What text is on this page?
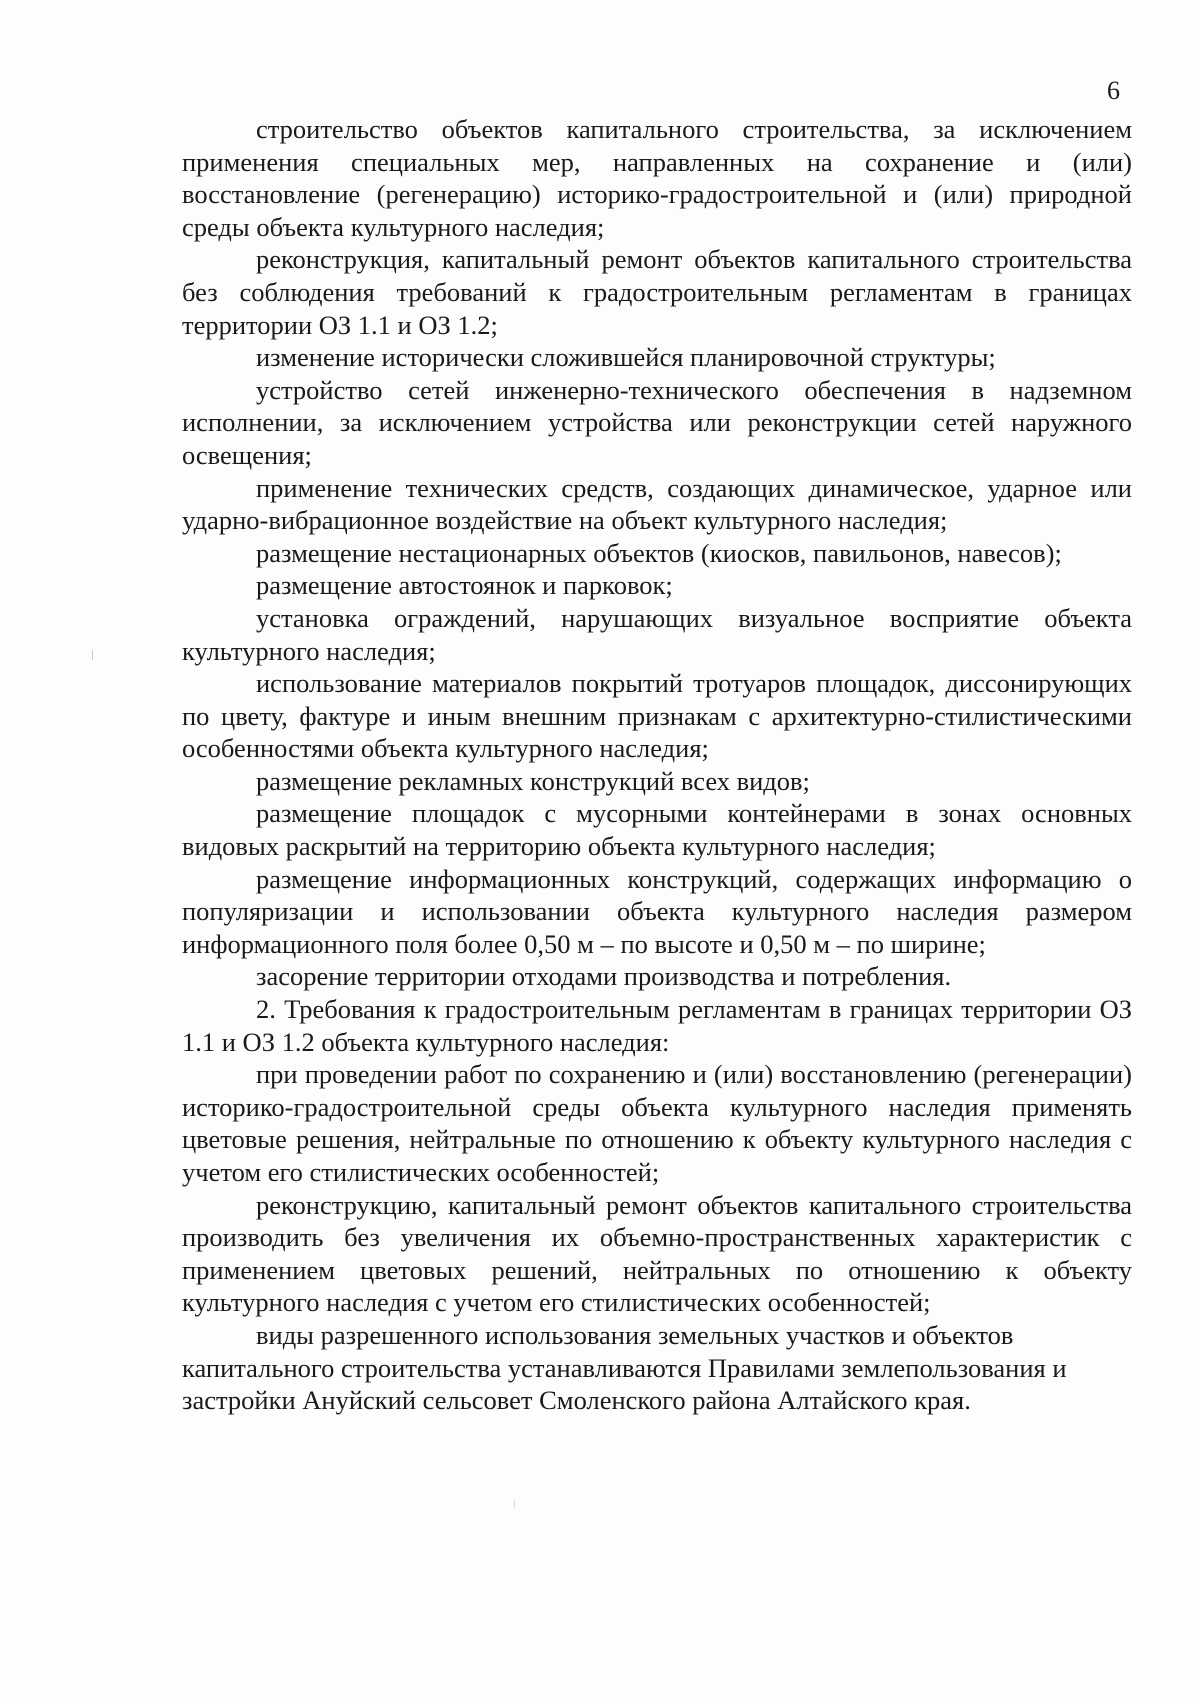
6

строительство объектов капитального строительства, за исключением применения специальных мер, направленных на сохранение и (или) восстановление (регенерацию) историко-градостроительной и (или) природной среды объекта культурного наследия;

реконструкция, капитальный ремонт объектов капитального строительства без соблюдения требований к градостроительным регламентам в границах территории ОЗ 1.1 и ОЗ 1.2;

изменение исторически сложившейся планировочной структуры;

устройство сетей инженерно-технического обеспечения в надземном исполнении, за исключением устройства или реконструкции сетей наружного освещения;

применение технических средств, создающих динамическое, ударное или ударно-вибрационное воздействие на объект культурного наследия;

размещение нестационарных объектов (киосков, павильонов, навесов);

размещение автостоянок и парковок;

установка ограждений, нарушающих визуальное восприятие объекта культурного наследия;

использование материалов покрытий тротуаров площадок, диссонирующих по цвету, фактуре и иным внешним признакам с архитектурно-стилистическими особенностями объекта культурного наследия;

размещение рекламных конструкций всех видов;

размещение площадок с мусорными контейнерами в зонах основных видовых раскрытий на территорию объекта культурного наследия;

размещение информационных конструкций, содержащих информацию о популяризации и использовании объекта культурного наследия размером информационного поля более 0,50 м – по высоте и 0,50 м – по ширине;

засорение территории отходами производства и потребления.

2. Требования к градостроительным регламентам в границах территории ОЗ 1.1 и ОЗ 1.2 объекта культурного наследия:

при проведении работ по сохранению и (или) восстановлению (регенерации) историко-градостроительной среды объекта культурного наследия применять цветовые решения, нейтральные по отношению к объекту культурного наследия с учетом его стилистических особенностей;

реконструкцию, капитальный ремонт объектов капитального строительства производить без увеличения их объемно-пространственных характеристик с применением цветовых решений, нейтральных по отношению к объекту культурного наследия с учетом его стилистических особенностей;

виды разрешенного использования земельных участков и объектов капитального строительства устанавливаются Правилами землепользования и застройки Ануйский сельсовет Смоленского района Алтайского края.
